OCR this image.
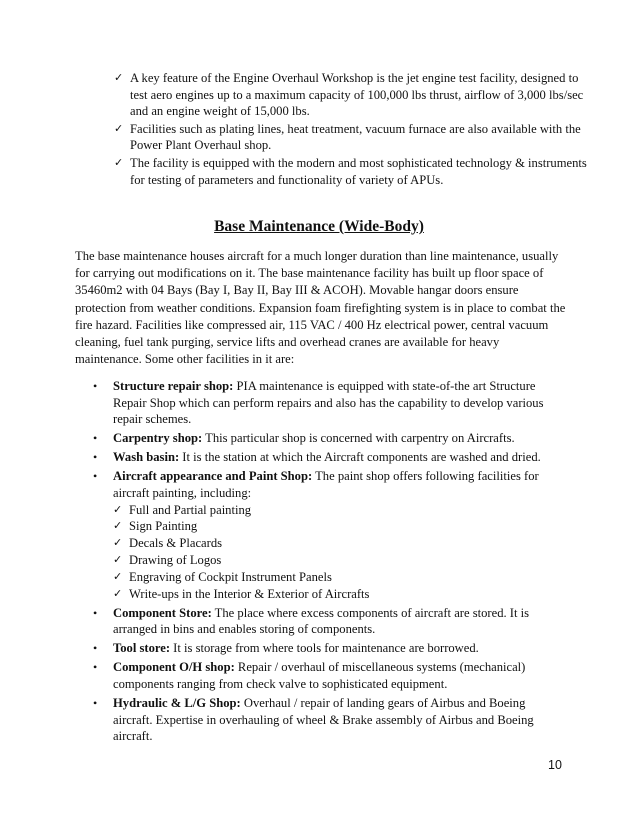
✓ A key feature of the Engine Overhaul Workshop is the jet engine test facility, designed to test aero engines up to a maximum capacity of 100,000 lbs thrust, airflow of 3,000 lbs/sec and an engine weight of 15,000 lbs.
✓ Facilities such as plating lines, heat treatment, vacuum furnace are also available with the Power Plant Overhaul shop.
✓ The facility is equipped with the modern and most sophisticated technology & instruments for testing of parameters and functionality of variety of APUs.
Base Maintenance (Wide-Body)

The base maintenance houses aircraft for a much longer duration than line maintenance, usually for carrying out modifications on it. The base maintenance facility has built up floor space of 35460m2 with 04 Bays (Bay I, Bay II, Bay III & ACOH). Movable hangar doors ensure protection from weather conditions. Expansion foam firefighting system is in place to combat the fire hazard. Facilities like compressed air, 115 VAC / 400 Hz electrical power, central vacuum cleaning, fuel tank purging, service lifts and overhead cranes are available for heavy maintenance. Some other facilities in it are:

• Structure repair shop: PIA maintenance is equipped with state-of-the art Structure Repair Shop which can perform repairs and also has the capability to develop various repair schemes.
• Carpentry shop: This particular shop is concerned with carpentry on Aircrafts.
• Wash basin: It is the station at which the Aircraft components are washed and dried.
• Aircraft appearance and Paint Shop: The paint shop offers following facilities for aircraft painting, including:
✓ Full and Partial painting
✓ Sign Painting
✓ Decals & Placards
✓ Drawing of Logos
✓ Engraving of Cockpit Instrument Panels
✓ Write-ups in the Interior & Exterior of Aircrafts
• Component Store: The place where excess components of aircraft are stored. It is arranged in bins and enables storing of components.
• Tool store: It is storage from where tools for maintenance are borrowed.
• Component O/H shop: Repair / overhaul of miscellaneous systems (mechanical) components ranging from check valve to sophisticated equipment.
• Hydraulic & L/G Shop: Overhaul / repair of landing gears of Airbus and Boeing aircraft. Expertise in overhauling of wheel & Brake assembly of Airbus and Boeing aircraft.
10
